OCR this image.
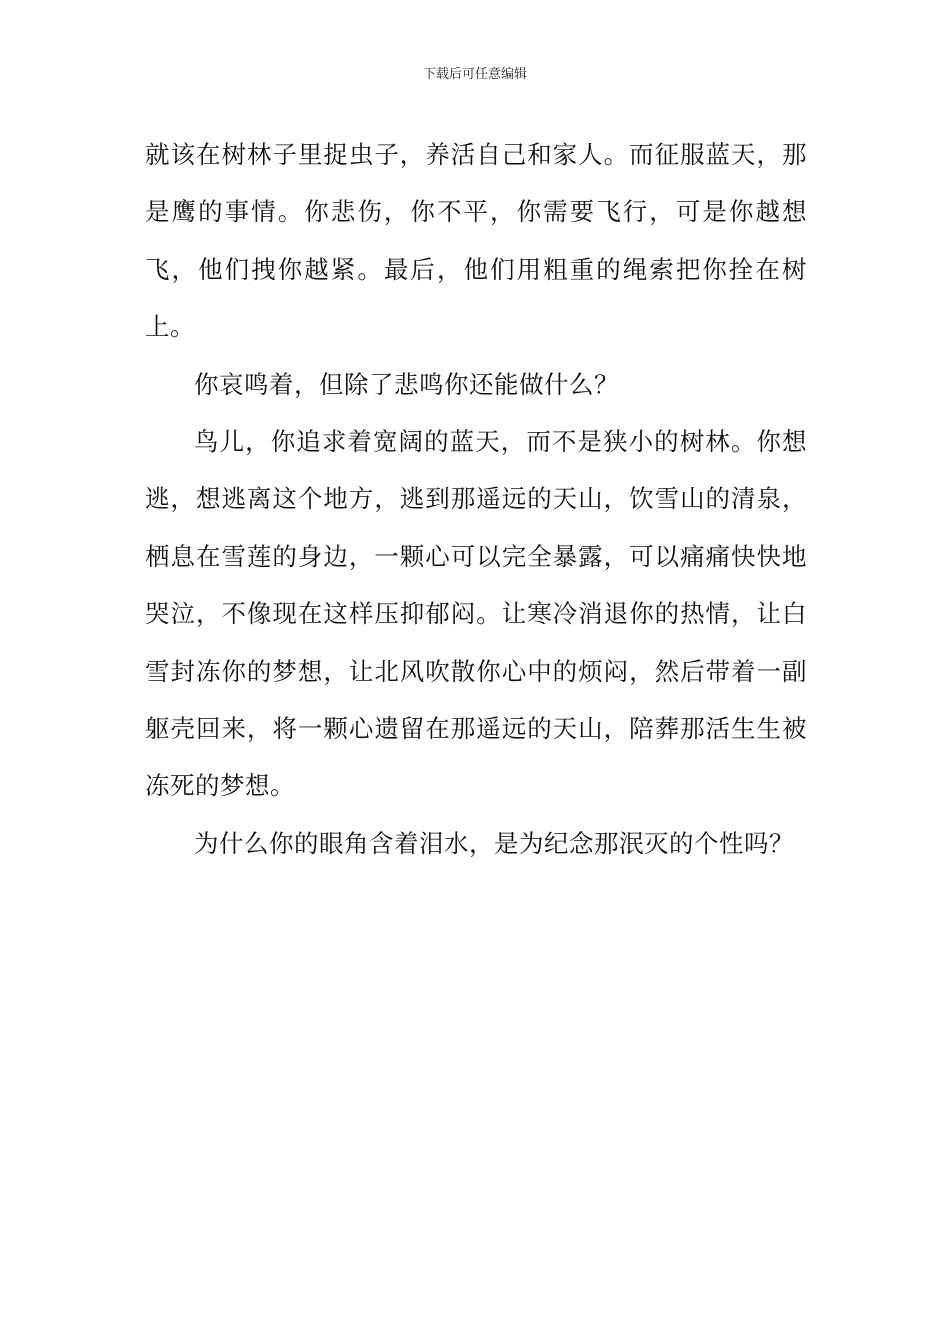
下载后可任意编辑

就该在树林子里捉虫子，养活自己和家人。而征服蓝天，那是鹰的事情。你悲伤，你不平，你需要飞行，可是你越想飞，他们拽你越紧。最后，他们用粗重的绳索把你拴在树上。

你哀鸣着，但除了悲鸣你还能做什么？

鸟儿，你追求着宽阔的蓝天，而不是狭小的树林。你想逃，想逃离这个地方，逃到那遥远的天山，饮雪山的清泉，栖息在雪莲的身边，一颗心可以完全暴露，可以痛痛快快地哭泣，不像现在这样压抑郁闷。让寒冷消退你的热情，让白雪封冻你的梦想，让北风吹散你心中的烦闷，然后带着一副躯壳回来，将一颗心遗留在那遥远的天山，陪葬那活生生被冻死的梦想。

为什么你的眼角含着泪水，是为纪念那泯灭的个性吗？
